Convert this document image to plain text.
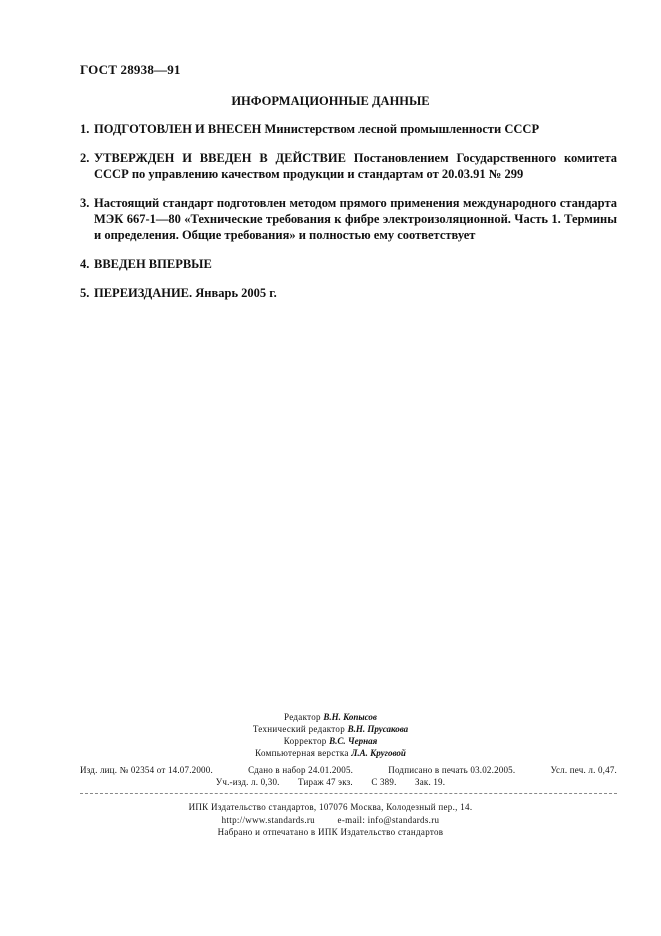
ГОСТ 28938—91
ИНФОРМАЦИОННЫЕ ДАННЫЕ
1. ПОДГОТОВЛЕН И ВНЕСЕН Министерством лесной промышленности СССР
2. УТВЕРЖДЕН И ВВЕДЕН В ДЕЙСТВИЕ Постановлением Государственного комитета СССР по управлению качеством продукции и стандартам от 20.03.91 № 299
3. Настоящий стандарт подготовлен методом прямого применения международного стандарта МЭК 667-1—80 «Технические требования к фибре электроизоляционной. Часть 1. Термины и определения. Общие требования» и полностью ему соответствует
4. ВВЕДЕН ВПЕРВЫЕ
5. ПЕРЕИЗДАНИЕ. Январь 2005 г.
Редактор В.Н. Копысов
Технический редактор В.Н. Прусакова
Корректор В.С. Черная
Компьютерная верстка Л.А. Круговой
Изд. лиц. № 02354 от 14.07.2000.	Сдано в набор 24.01.2005.	Подписано в печать 03.02.2005.	Усл. печ. л. 0,47.
Уч.-изд. л. 0,30. Тираж 47 экз. С 389. Зак. 19.
ИПК Издательство стандартов, 107076 Москва, Колодезный пер., 14.
http://www.standards.ru	e-mail: info@standards.ru
Набрано и отпечатано в ИПК Издательство стандартов
